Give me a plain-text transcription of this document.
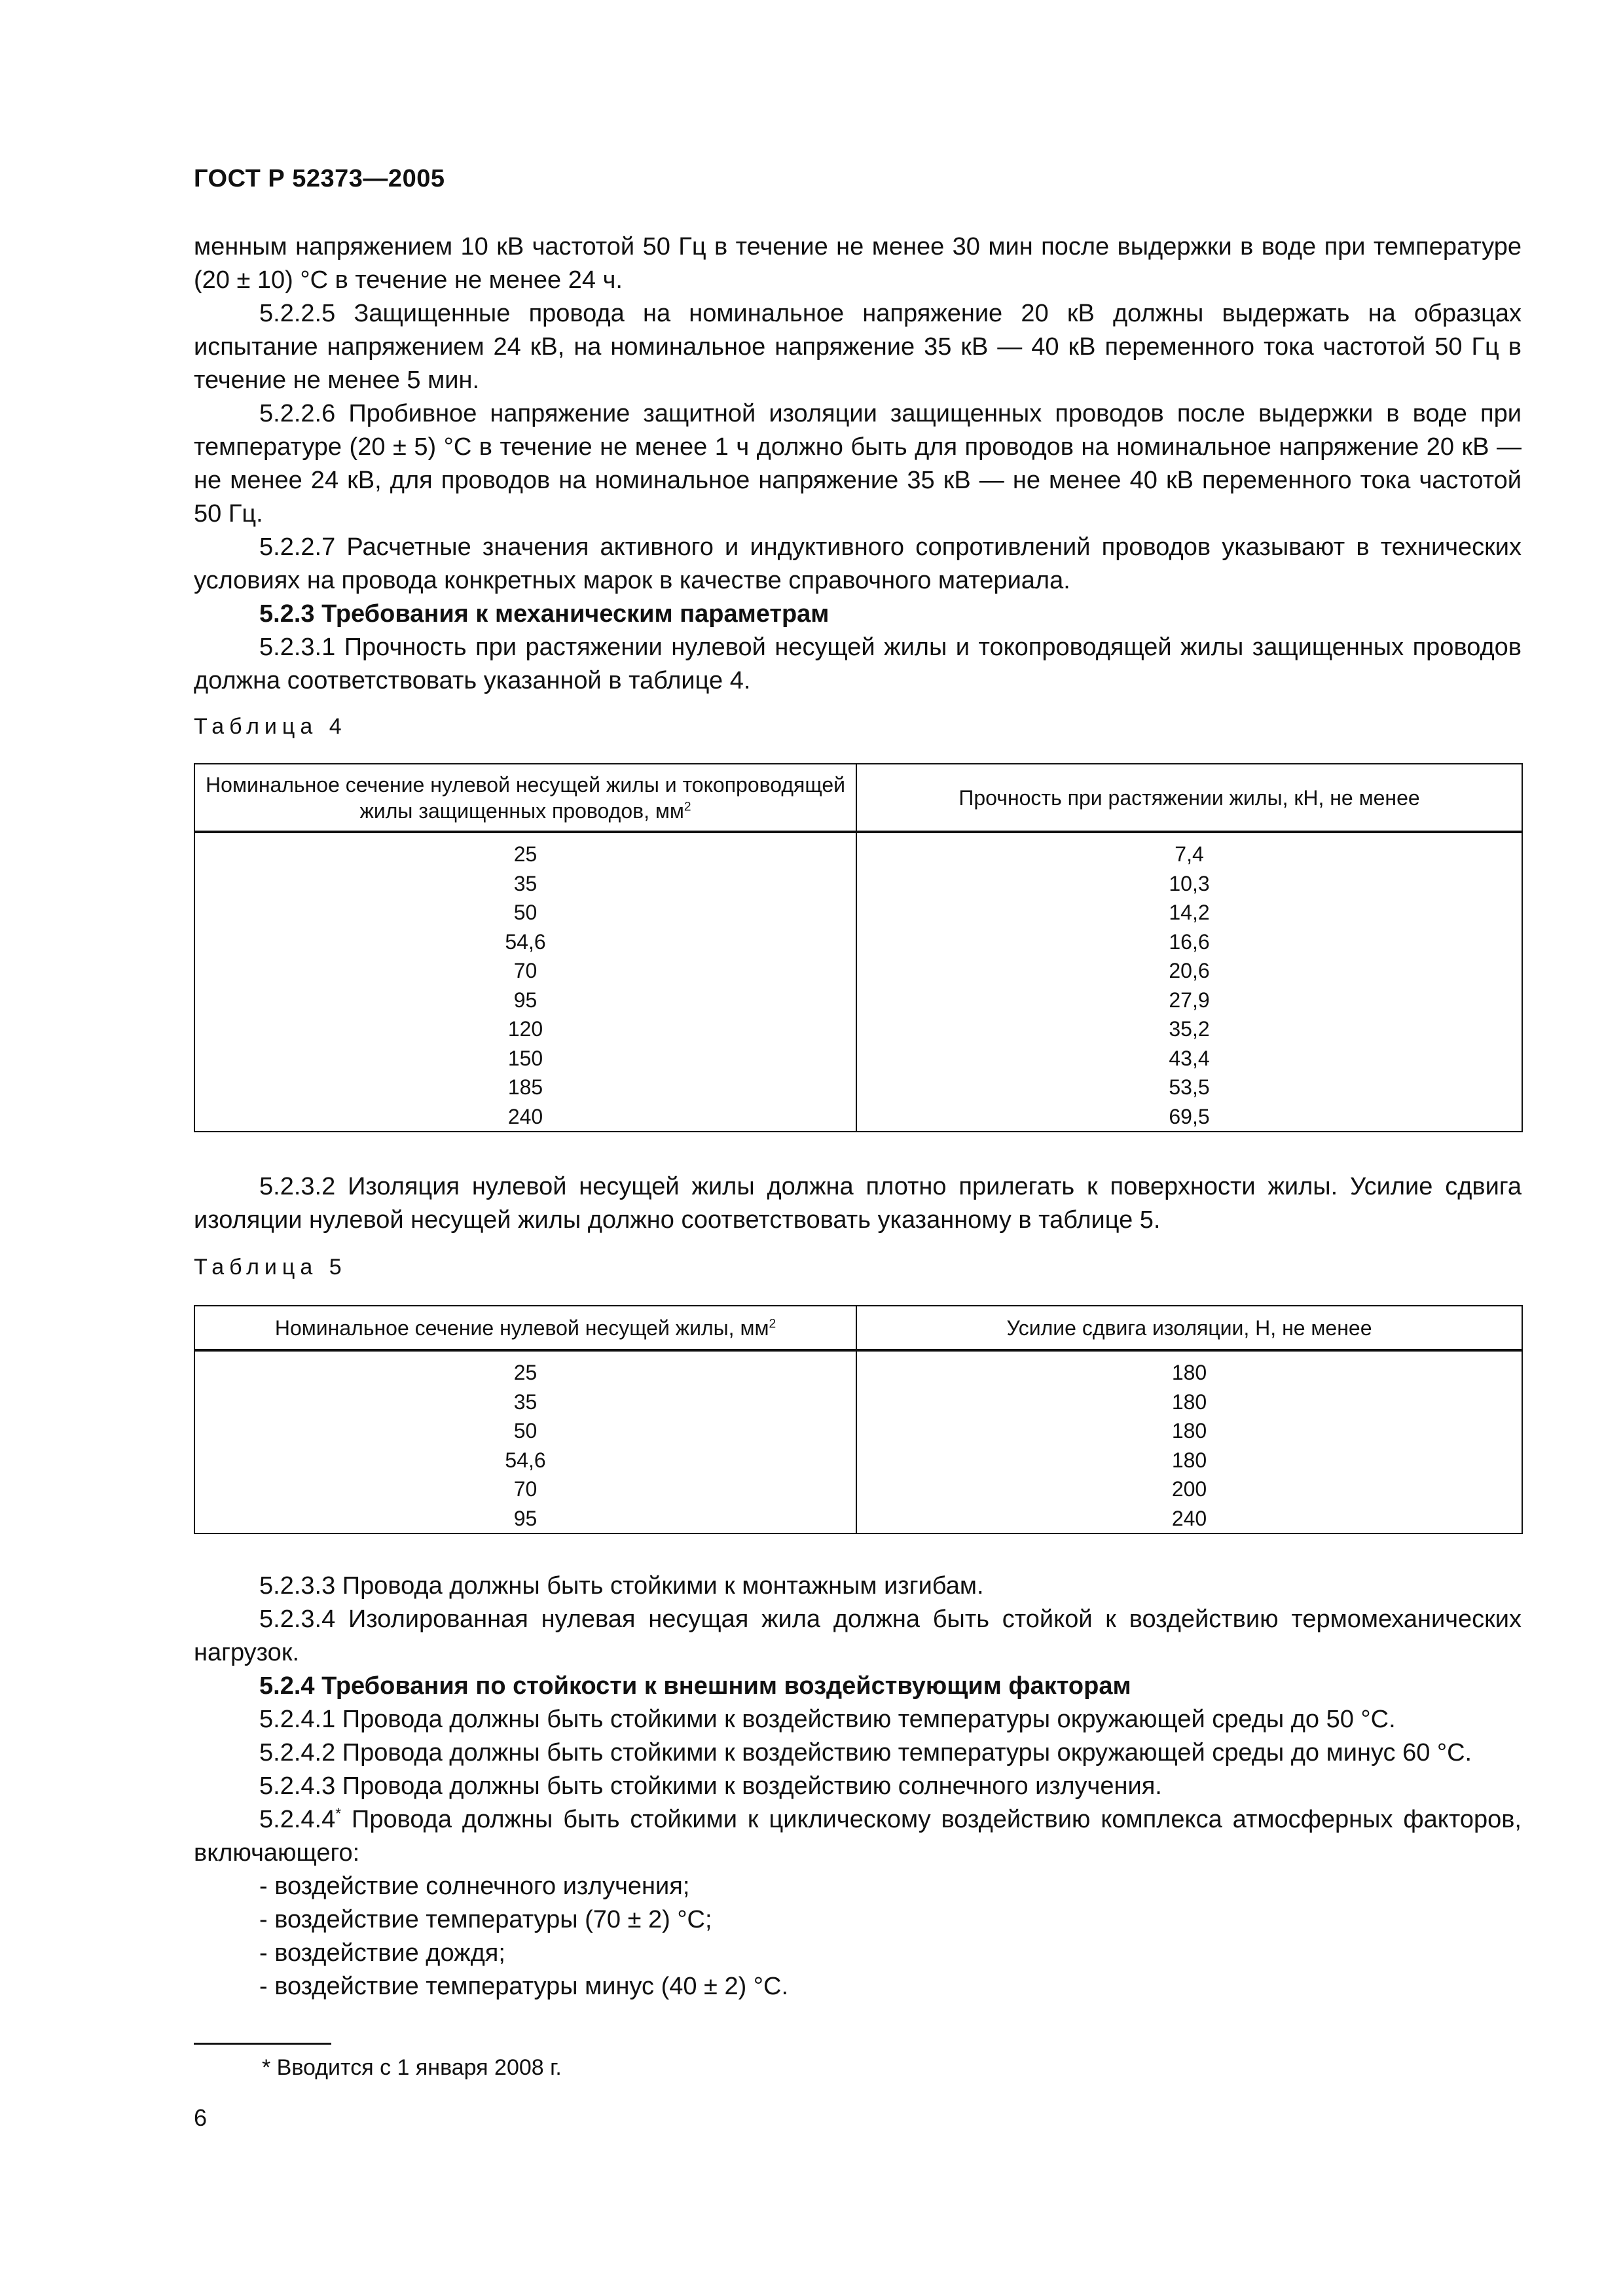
ГОСТ Р 52373—2005

менным напряжением 10 кВ частотой 50 Гц в течение не менее 30 мин после выдержки в воде при температуре (20 ± 10) °С в течение не менее 24 ч.

5.2.2.5 Защищенные провода на номинальное напряжение 20 кВ должны выдержать на образцах испытание напряжением 24 кВ, на номинальное напряжение 35 кВ — 40 кВ переменного тока частотой 50 Гц в течение не менее 5 мин.

5.2.2.6 Пробивное напряжение защитной изоляции защищенных проводов после выдержки в воде при температуре (20 ± 5) °С в течение не менее 1 ч должно быть для проводов на номинальное напряжение 20 кВ — не менее 24 кВ, для проводов на номинальное напряжение 35 кВ — не менее 40 кВ переменного тока частотой 50 Гц.

5.2.2.7 Расчетные значения активного и индуктивного сопротивлений проводов указывают в технических условиях на провода конкретных марок в качестве справочного материала.

5.2.3 Требования к механическим параметрам

5.2.3.1 Прочность при растяжении нулевой несущей жилы и токопроводящей жилы защищенных проводов должна соответствовать указанной в таблице 4.

Таблица 4
Номинальное сечение нулевой несущей жилы и токопроводящей жилы защищенных проводов, $мм^2$	Прочность при растяжении жилы, кН, не менее
25	7,4
35	10,3
50	14,2
54,6	16,6
70	20,6
95	27,9
120	35,2
150	43,4
185	53,5
240	69,5

5.2.3.2 Изоляция нулевой несущей жилы должна плотно прилегать к поверхности жилы. Усилие сдвига изоляции нулевой несущей жилы должно соответствовать указанному в таблице 5.

Таблица 5
Номинальное сечение нулевой несущей жилы, $мм^2$	Усилие сдвига изоляции, Н, не менее
25	180
35	180
50	180
54,6	180
70	200
95	240

5.2.3.3 Провода должны быть стойкими к монтажным изгибам.

5.2.3.4 Изолированная нулевая несущая жила должна быть стойкой к воздействию термомеханических нагрузок.

5.2.4 Требования по стойкости к внешним воздействующим факторам

5.2.4.1 Провода должны быть стойкими к воздействию температуры окружающей среды до 50 °С.

5.2.4.2 Провода должны быть стойкими к воздействию температуры окружающей среды до минус 60 °С.

5.2.4.3 Провода должны быть стойкими к воздействию солнечного излучения.

5.2.4.4* Провода должны быть стойкими к циклическому воздействию комплекса атмосферных факторов, включающего:

- воздействие солнечного излучения;

- воздействие температуры (70 ± 2) °С;

- воздействие дождя;

- воздействие температуры минус (40 ± 2) °С.

* Вводится с 1 января 2008 г.
6
